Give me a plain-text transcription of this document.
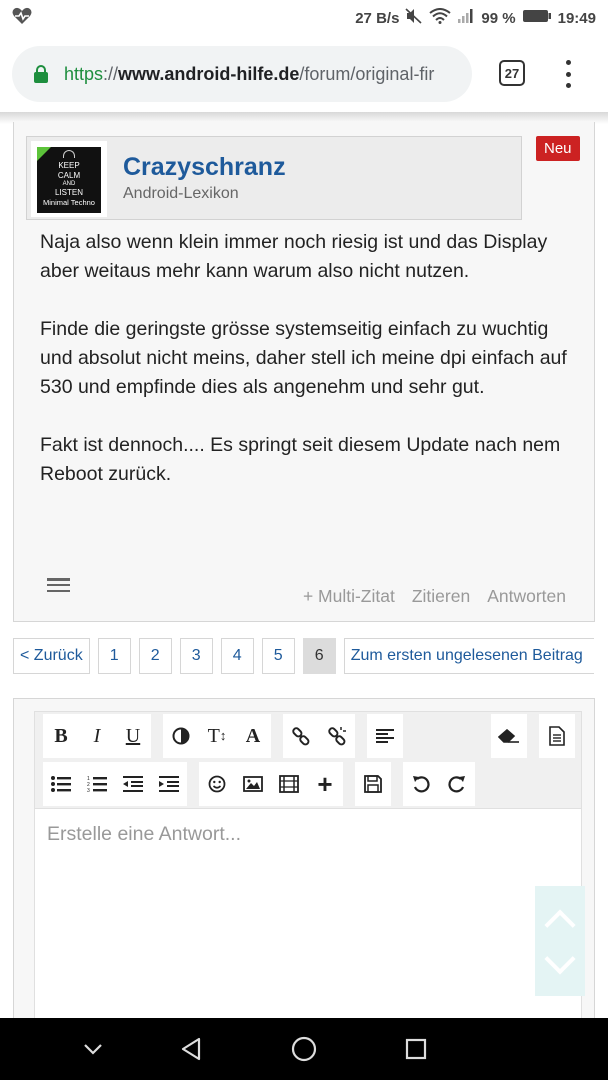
27 B/s	99 %	19:49
https://www.android-hilfe.de/forum/original-fir	27
KEEP
CALM
AND
LISTEN
Minimal Techno
Crazyschranz
Android-Lexikon
Neu

Naja also wenn klein immer noch riesig ist und das Display aber weitaus mehr kann warum also nicht nutzen.

Finde die geringste grösse systemseitig einfach zu wuchtig und absolut nicht meins, daher stell ich meine dpi einfach auf 530 und empfinde dies als angenehm und sehr gut.

Fakt ist dennoch.... Es springt seit diesem Update nach nem Reboot zurück.

+ Multi-Zitat Zitieren Antworten
< Zurück	1	2	3	4	5	6	Zum ersten ungelesenen Beitrag
B	I	U	T ↕ A
1
2
3	+
Erstelle eine Antwort...
